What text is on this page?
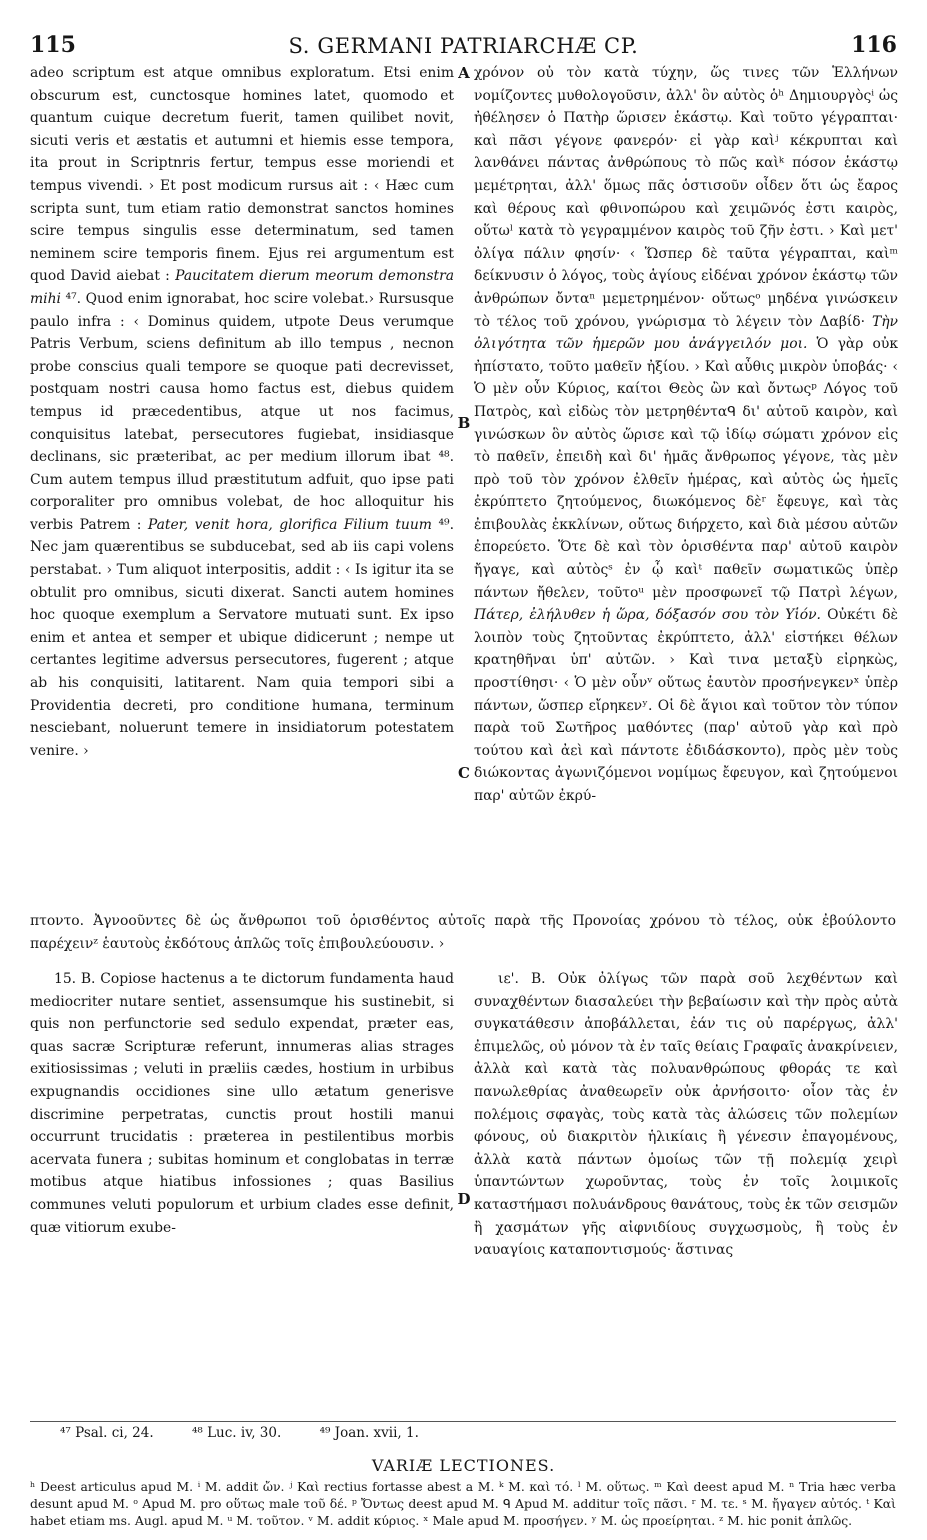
115	S. GERMANI PATRIARCHÆ CP.	116

adeo scriptum est atque omnibus exploratum. Etsi enim obscurum est, cunctosque homines latet, quomodo et quantum cuique decretum fuerit, tamen quilibet novit, sicuti veris et æstatis et autumni et hiemis esse tempora, ita prout in Scriptnris fertur, tempus esse moriendi et tempus vivendi. › Et post modicum rursus ait : ‹ Hæc cum scripta sunt, tum etiam ratio demonstrat sanctos homines scire tempus singulis esse determinatum, sed tamen neminem scire temporis finem. Ejus rei argumentum est quod David aiebat : Paucitatem dierum meorum demonstra mihi ⁴⁷. Quod enim ignorabat, hoc scire volebat.› Rursusque paulo infra : ‹ Dominus quidem, utpote Deus verumque Patris Verbum, sciens definitum ab illo tempus , necnon probe conscius quali tempore se quoque pati decrevisset, postquam nostri causa homo factus est, diebus quidem tempus id præcedentibus, atque ut nos facimus, conquisitus latebat, persecutores fugiebat, insidiasque declinans, sic præteribat, ac per medium illorum ibat ⁴⁸. Cum autem tempus illud præstitutum adfuit, quo ipse pati corporaliter pro omnibus volebat, de hoc alloquitur his verbis Patrem : Pater, venit hora, glorifica Filium tuum ⁴⁹. Nec jam quærentibus se subducebat, sed ab iis capi volens perstabat. › Tum aliquot interpositis, addit : ‹ Is igitur ita se obtulit pro omnibus, sicuti dixerat. Sancti autem homines hoc quoque exemplum a Servatore mutuati sunt. Ex ipso enim et antea et semper et ubique didicerunt ; nempe ut certantes legitime adversus persecutores, fugerent ; atque ab his conquisiti, latitarent. Nam quia tempori sibi a Providentia decreti, pro conditione humana, terminum nesciebant, noluerunt temere in insidiatorum potestatem venire. ›

χρόνον οὐ τὸν κατὰ τύχην, ὥς τινες τῶν Ἑλλήνων νομίζοντες μυθολογοῦσιν, ἀλλ' ὃν αὐτὸς ὁʰ Δημιουργὸςⁱ ὡς ἠθέλησεν ὁ Πατὴρ ὥρισεν ἑκάστῳ. Καὶ τοῦτο γέγραπται· καὶ πᾶσι γέγονε φανερόν· εἰ γὰρ καὶʲ κέκρυπται καὶ λανθάνει πάντας ἀνθρώπους τὸ πῶς καὶᵏ πόσον ἑκάστῳ μεμέτρηται, ἀλλ' ὅμως πᾶς ὁστισοῦν οἶδεν ὅτι ὡς ἔαρος καὶ θέρους καὶ φθινοπώρου καὶ χειμῶνός ἐστι καιρὸς, οὕτωˡ κατὰ τὸ γεγραμμένον καιρὸς τοῦ ζῆν ἐστι. › Καὶ μετ' ὀλίγα πάλιν φησίν· ‹ Ὥσπερ δὲ ταῦτα γέγραπται, καὶᵐ δείκνυσιν ὁ λόγος, τοὺς ἁγίους εἰδέναι χρόνον ἑκάστῳ τῶν ἀνθρώπων ὄνταⁿ μεμετρημένον· οὕτωςᵒ μηδένα γινώσκειν τὸ τέλος τοῦ χρόνου, γνώρισμα τὸ λέγειν τὸν Δαβίδ· Τὴν ὀλιγότητα τῶν ἡμερῶν μου ἀνάγγειλόν μοι. Ὁ γὰρ οὐκ ἠπίστατο, τοῦτο μαθεῖν ἠξίου. › Καὶ αὖθις μικρὸν ὑποβάς· ‹ Ὁ μὲν οὖν Κύριος, καίτοι Θεὸς ὢν καὶ ὄντωςᵖ Λόγος τοῦ Πατρὸς, καὶ εἰδὼς τὸν μετρηθένταᑫ δι' αὐτοῦ καιρὸν, καὶ γινώσκων ὃν αὐτὸς ὥρισε καὶ τῷ ἰδίῳ σώματι χρόνον εἰς τὸ παθεῖν, ἐπειδὴ καὶ δι' ἡμᾶς ἄνθρωπος γέγονε, τὰς μὲν πρὸ τοῦ τὸν χρόνον ἐλθεῖν ἡμέρας, καὶ αὐτὸς ὡς ἡμεῖς ἐκρύπτετο ζητούμενος, διωκόμενος δὲʳ ἔφευγε, καὶ τὰς ἐπιβουλὰς ἐκκλίνων, οὕτως διήρχετο, καὶ διὰ μέσου αὐτῶν ἐπορεύετο. Ὅτε δὲ καὶ τὸν ὁρισθέντα παρ' αὐτοῦ καιρὸν ἤγαγε, καὶ αὐτὸςˢ ἐν ᾧ καὶᵗ παθεῖν σωματικῶς ὑπὲρ πάντων ἤθελεν, τοῦτοᵘ μὲν προσφωνεῖ τῷ Πατρὶ λέγων, Πάτερ, ἐλήλυθεν ἡ ὥρα, δόξασόν σου τὸν Υἱόν. Οὐκέτι δὲ λοιπὸν τοὺς ζητοῦντας ἐκρύπτετο, ἀλλ' εἱστήκει θέλων κρατηθῆναι ὑπ' αὐτῶν. › Καὶ τινα μεταξὺ εἰρηκὼς, προστίθησι· ‹ Ὁ μὲν οὖνᵛ οὕτως ἑαυτὸν προσήνεγκενˣ ὑπὲρ πάντων, ὥσπερ εἴρηκενʸ. Οἱ δὲ ἅγιοι καὶ τοῦτον τὸν τύπον παρὰ τοῦ Σωτῆρος μαθόντες (παρ' αὐτοῦ γὰρ καὶ πρὸ τούτου καὶ ἀεὶ καὶ πάντοτε ἐδιδάσκοντο), πρὸς μὲν τοὺς διώκοντας ἀγωνιζόμενοι νομίμως ἔφευγον, καὶ ζητούμενοι παρ' αὐτῶν ἐκρύ-

A
B
C
D
πτοντο. Ἀγνοοῦντες δὲ ὡς ἄνθρωποι τοῦ ὁρισθέντος αὐτοῖς παρὰ τῆς Προνοίας χρόνου τὸ τέλος, οὐκ ἐβούλοντο παρέχεινᶻ ἑαυτοὺς ἐκδότους ἁπλῶς τοῖς ἐπιβουλεύουσιν. ›

15. B. Copiose hactenus a te dictorum fundamenta haud mediocriter nutare sentiet, assensumque his sustinebit, si quis non perfunctorie sed sedulo expendat, præter eas, quas sacræ Scripturæ referunt, innumeras alias strages exitiosissimas ; veluti in præliis cædes, hostium in urbibus expugnandis occidiones sine ullo ætatum generisve discrimine perpetratas, cunctis prout hostili manui occurrunt trucidatis : præterea in pestilentibus morbis acervata funera ; subitas hominum et conglobatas in terræ motibus atque hiatibus infossiones ; quas Basilius communes veluti populorum et urbium clades esse definit, quæ vitiorum exube-

ιε'. Β. Οὐκ ὀλίγως τῶν παρὰ σοῦ λεχθέντων καὶ συναχθέντων διασαλεύει τὴν βεβαίωσιν καὶ τὴν πρὸς αὐτὰ συγκατάθεσιν ἀποβάλλεται, ἐάν τις οὐ παρέργως, ἀλλ' ἐπιμελῶς, οὐ μόνον τὰ ἐν ταῖς θείαις Γραφαῖς ἀνακρίνειεν, ἀλλὰ καὶ κατὰ τὰς πολυανθρώπους φθοράς τε καὶ πανωλεθρίας ἀναθεωρεῖν οὐκ ἀρνήσοιτο· οἷον τὰς ἐν πολέμοις σφαγὰς, τοὺς κατὰ τὰς ἁλώσεις τῶν πολεμίων φόνους, οὐ διακριτὸν ἡλικίαις ἢ γένεσιν ἐπαγομένους, ἀλλὰ κατὰ πάντων ὁμοίως τῶν τῇ πολεμίᾳ χειρὶ ὑπαντώντων χωροῦντας, τοὺς ἐν τοῖς λοιμικοῖς καταστήμασι πολυάνδρους θανάτους, τοὺς ἐκ τῶν σεισμῶν ἢ χασμάτων γῆς αἰφνιδίους συγχωσμοὺς, ἢ τοὺς ἐν ναυαγίοις καταποντισμούς· ἅστινας

⁴⁷ Psal. ci, 24.	⁴⁸ Luc. iv, 30.	⁴⁹ Joan. xvii, 1.
VARIÆ LECTIONES.
ʰ Deest articulus apud M. ⁱ M. addit ὤν. ʲ Καὶ rectius fortasse abest a M. ᵏ M. καὶ τό. ˡ M. οὕτως. ᵐ Καὶ deest apud M. ⁿ Tria hæc verba desunt apud M. ᵒ Apud M. pro οὕτως male τοῦ δέ. ᵖ Ὄντως deest apud M. ᑫ Apud M. additur τοῖς πᾶσι. ʳ M. τε. ˢ M. ἤγαγεν αὐτός. ᵗ Καὶ habet etiam ms. Augl. apud M. ᵘ M. τοῦτον. ᵛ M. addit κύριος. ˣ Male apud M. προσήγεν. ʸ M. ὡς προείρηται. ᶻ M. hic ponit ἁπλῶς.
